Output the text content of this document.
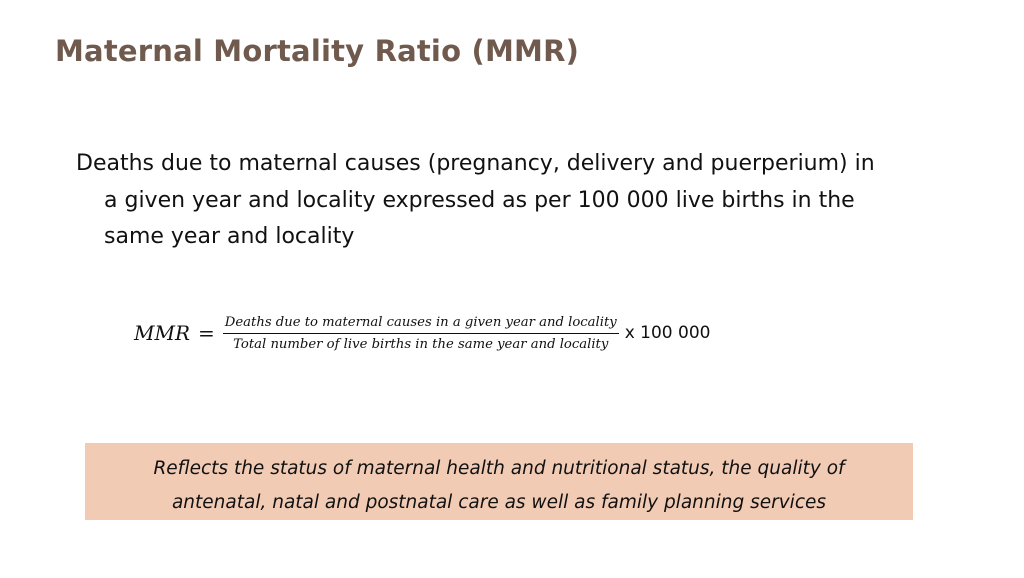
Maternal Mortality Ratio (MMR)
Deaths due to maternal causes (pregnancy, delivery and puerperium) in
a given year and locality expressed as per 100 000 live births in the
same year and locality
MMR = $\frac{\text{Deaths due to maternal causes in a given year and locality}}{\text{Total number of live births in the same year and locality}}$ x 100 000
Reflects the status of maternal health and nutritional status, the quality of
antenatal, natal and postnatal care as well as family planning services
